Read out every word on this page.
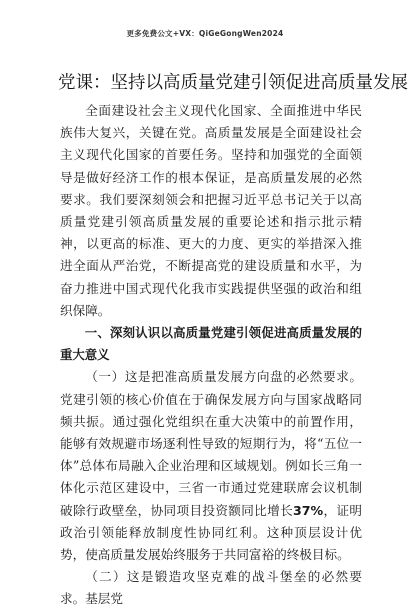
更多免费公文+VX：QiGeGongWen2024
党课：坚持以高质量党建引领促进高质量发展

全面建设社会主义现代化国家、全面推进中华民族伟大复兴，关键在党。高质量发展是全面建设社会主义现代化国家的首要任务。坚持和加强党的全面领导是做好经济工作的根本保证，是高质量发展的必然要求。我们要深刻领会和把握习近平总书记关于以高质量党建引领高质量发展的重要论述和指示批示精神，以更高的标准、更大的力度、更实的举措深入推进全面从严治党，不断提高党的建设质量和水平，为奋力推进中国式现代化我市实践提供坚强的政治和组织保障。

一、深刻认识以高质量党建引领促进高质量发展的重大意义

（一）这是把准高质量发展方向盘的必然要求。党建引领的核心价值在于确保发展方向与国家战略同频共振。通过强化党组织在重大决策中的前置作用，能够有效规避市场逐利性导致的短期行为，将“五位一体”总体布局融入企业治理和区域规划。例如长三角一体化示范区建设中，三省一市通过党建联席会议机制破除行政壁垒，协同项目投资额同比增长37%，证明政治引领能释放制度性协同红利。这种顶层设计优势，使高质量发展始终服务于共同富裕的终极目标。

（二）这是锻造攻坚克难的战斗堡垒的必然要求。基层党
